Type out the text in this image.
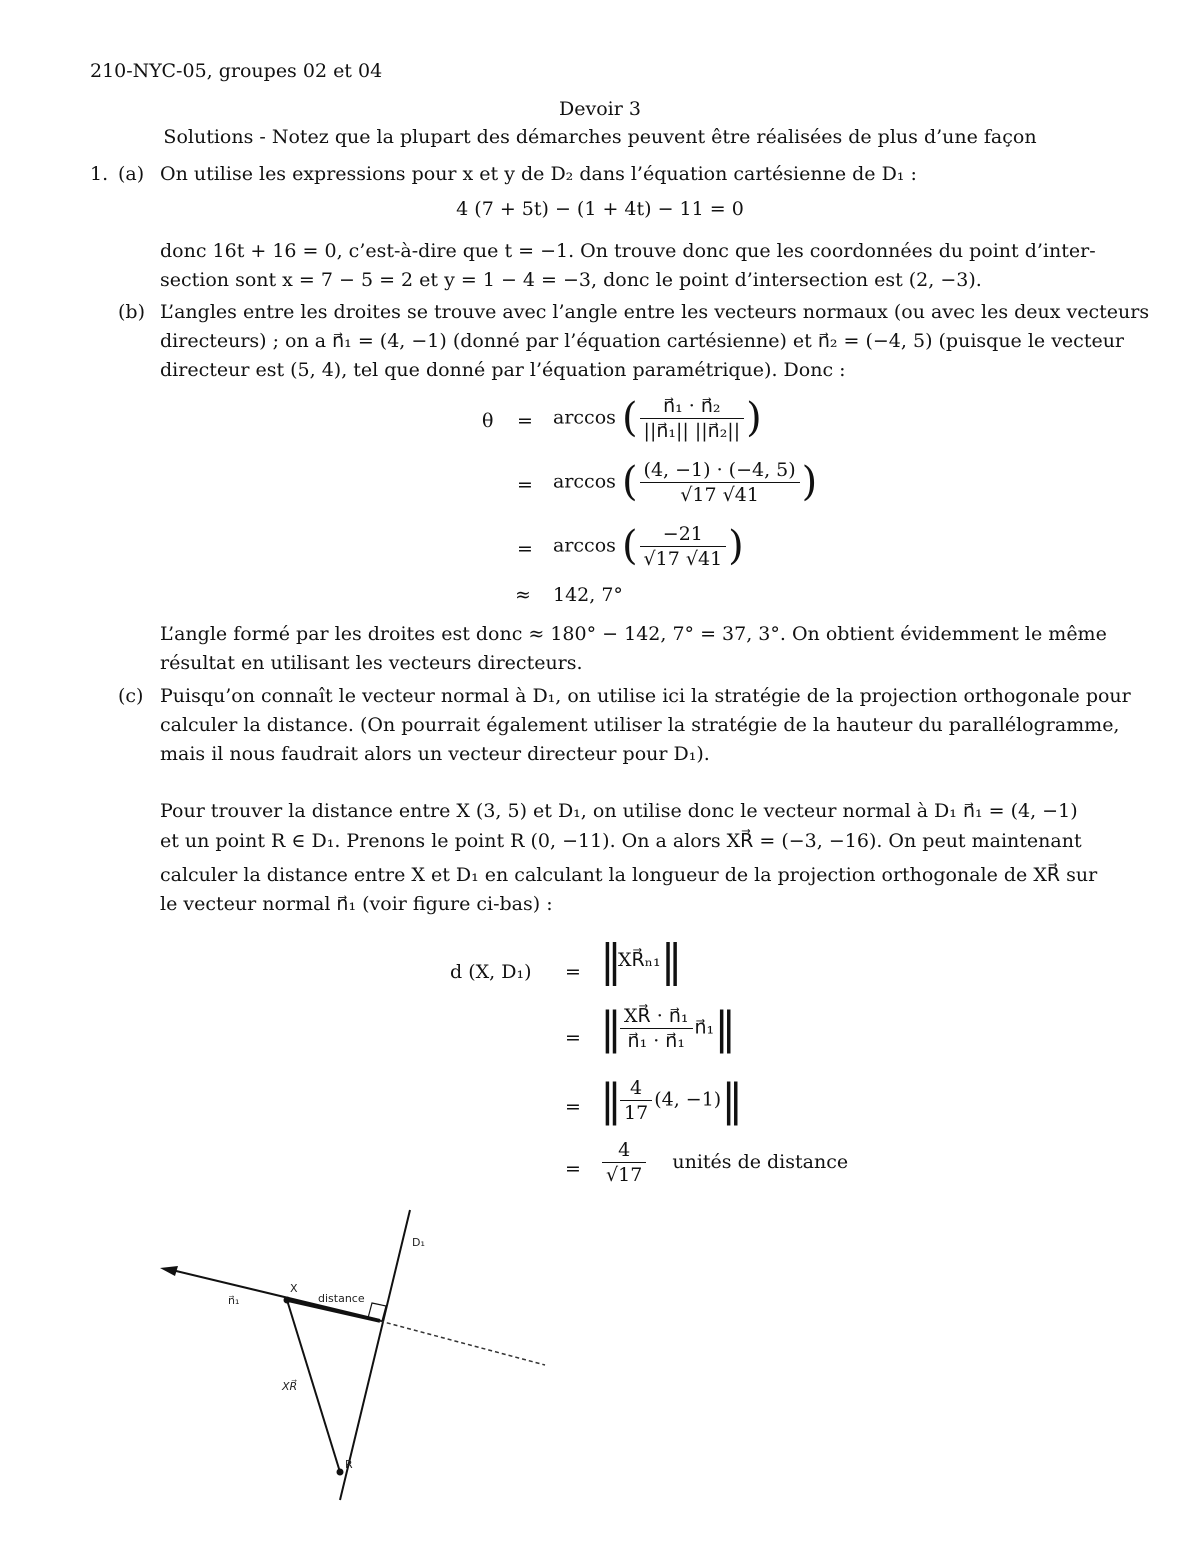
210-NYC-05, groupes 02 et 04
Devoir 3
Solutions - Notez que la plupart des démarches peuvent être réalisées de plus d’une façon
1. (a) On utilise les expressions pour x et y de D₂ dans l’équation cartésienne de D₁ :
4 (7 + 5t) − (1 + 4t) − 11 = 0
donc 16t + 16 = 0, c’est-à-dire que t = −1. On trouve donc que les coordonnées du point d’inter-
section sont x = 7 − 5 = 2 et y = 1 − 4 = −3, donc le point d’intersection est (2, −3).
(b) L’angles entre les droites se trouve avec l’angle entre les vecteurs normaux (ou avec les deux vecteurs
directeurs) ; on a n⃗₁ = (4, −1) (donné par l’équation cartésienne) et n⃗₂ = (−4, 5) (puisque le vecteur
directeur est (5, 4), tel que donné par l’équation paramétrique). Donc :
θ = arccos ( $\frac{\text{n⃗₁ · n⃗₂}}{\text{||n⃗₁|| ||n⃗₂||}}$ )
= arccos ( $\frac{(4, -1) \cdot (-4, 5)}{√17 √41}$ )
= arccos ( $\frac{-21}{√17 √41}$ )
≈ 142, 7°
L’angle formé par les droites est donc ≈ 180° − 142, 7° = 37, 3°. On obtient évidemment le même
résultat en utilisant les vecteurs directeurs.
(c) Puisqu’on connaît le vecteur normal à D₁, on utilise ici la stratégie de la projection orthogonale pour
calculer la distance. (On pourrait également utiliser la stratégie de la hauteur du parallélogramme,
mais il nous faudrait alors un vecteur directeur pour D₁).
Pour trouver la distance entre X (3, 5) et D₁, on utilise donc le vecteur normal à D₁ n⃗₁ = (4, −1)
et un point R ∈ D₁. Prenons le point R (0, −11). On a alors XR⃗ = (−3, −16). On peut maintenant
calculer la distance entre X et D₁ en calculant la longueur de la projection orthogonale de XR⃗ sur
le vecteur normal n⃗₁ (voir figure ci-bas) :
d (X, D₁) = ‖XR⃗ₙ₁‖
= ‖ $\frac{\text{XR⃗ · n⃗₁}}{\text{n⃗₁ · n⃗₁}}$ n⃗₁‖
= ‖ $\frac{4}{17} (4$, −1)‖
= $\frac{4}{√17}$ unités de distance
D₁
n⃗₁
X
distance
XR⃗
R
